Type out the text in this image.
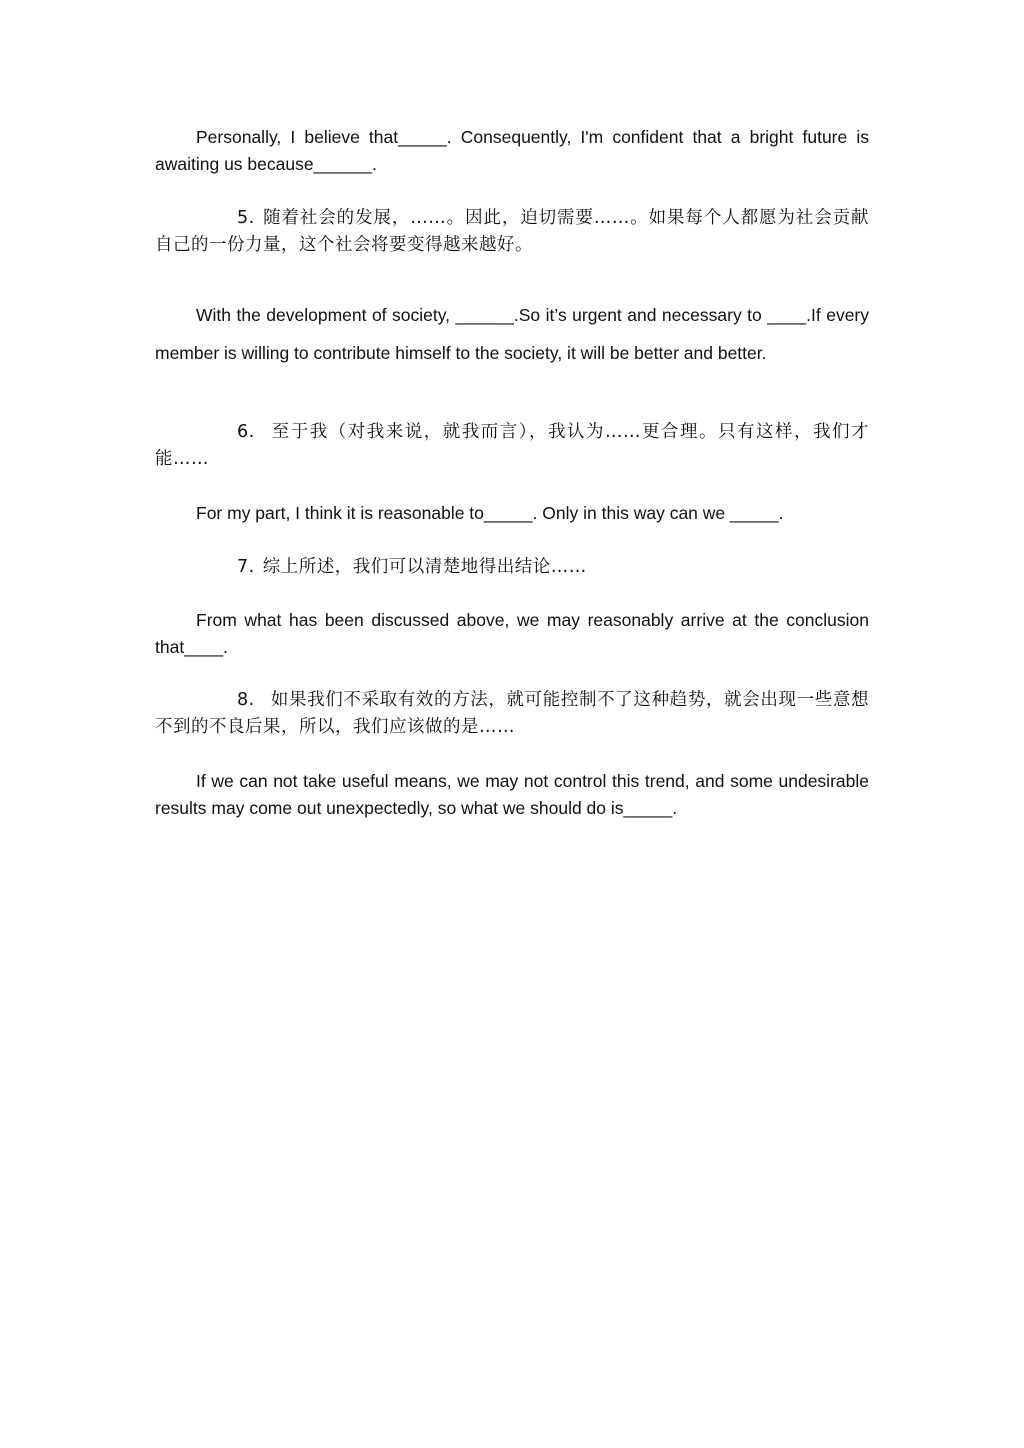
Personally, I believe that_____. Consequently, I'm confident that a bright future is awaiting us because______.

5. 随着社会的发展，……。因此，迫切需要……。如果每个人都愿为社会贡献自己的一份力量，这个社会将要变得越来越好。

With the development of society, ______.So it’s urgent and necessary to ____.If every member is willing to contribute himself to the society, it will be better and better.

6. 至于我（对我来说，就我而言），我认为……更合理。只有这样，我们才能……

For my part, I think it is reasonable to_____. Only in this way can we _____.

7. 综上所述，我们可以清楚地得出结论……

From what has been discussed above, we may reasonably arrive at the conclusion that____.

8. 如果我们不采取有效的方法，就可能控制不了这种趋势，就会出现一些意想不到的不良后果，所以，我们应该做的是……

If we can not take useful means, we may not control this trend, and some undesirable results may come out unexpectedly, so what we should do is_____.
